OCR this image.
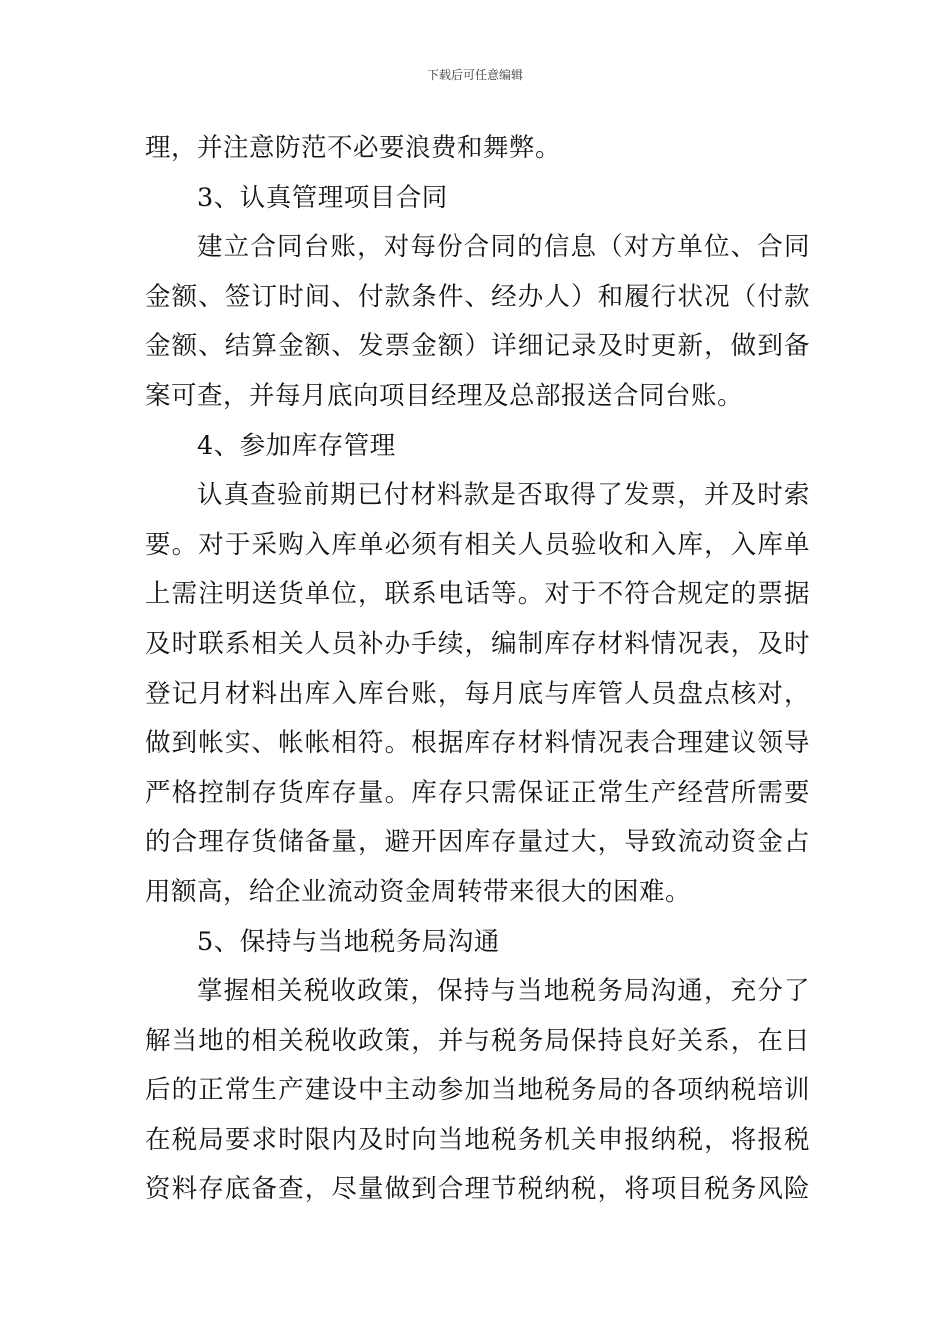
下载后可任意编辑
理，并注意防范不必要浪费和舞弊。
3、认真管理项目合同
建立合同台账，对每份合同的信息（对方单位、合同
金额、签订时间、付款条件、经办人）和履行状况（付款
金额、结算金额、发票金额）详细记录及时更新，做到备
案可查，并每月底向项目经理及总部报送合同台账。
4、参加库存管理
认真查验前期已付材料款是否取得了发票，并及时索
要。对于采购入库单必须有相关人员验收和入库，入库单
上需注明送货单位，联系电话等。对于不符合规定的票据
及时联系相关人员补办手续，编制库存材料情况表，及时
登记月材料出库入库台账，每月底与库管人员盘点核对，
做到帐实、帐帐相符。根据库存材料情况表合理建议领导
严格控制存货库存量。库存只需保证正常生产经营所需要
的合理存货储备量，避开因库存量过大，导致流动资金占
用额高，给企业流动资金周转带来很大的困难。
5、保持与当地税务局沟通
掌握相关税收政策，保持与当地税务局沟通，充分了
解当地的相关税收政策，并与税务局保持良好关系，在日
后的正常生产建设中主动参加当地税务局的各项纳税培训
在税局要求时限内及时向当地税务机关申报纳税，将报税
资料存底备查，尽量做到合理节税纳税，将项目税务风险
